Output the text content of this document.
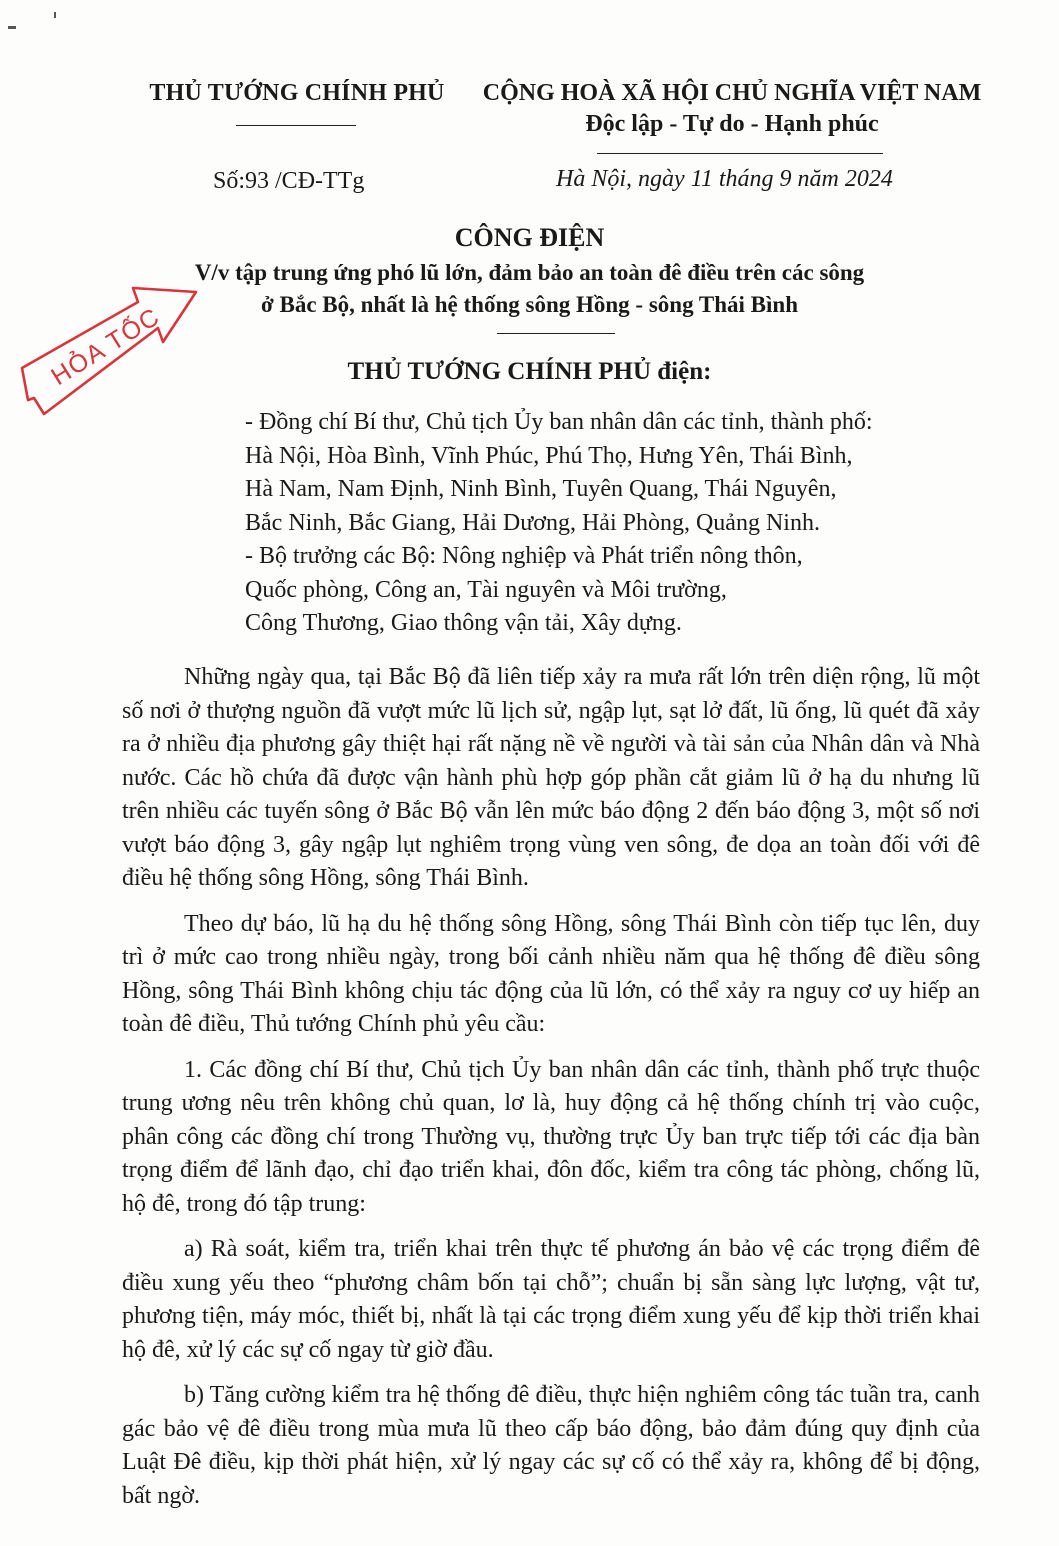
THỦ TƯỚNG CHÍNH PHỦ	CỘNG HOÀ XÃ HỘI CHỦ NGHĨA VIỆT NAM
Độc lập - Tự do - Hạnh phúc
Số:93 /CĐ-TTg	Hà Nội, ngày 11 tháng 9 năm 2024
CÔNG ĐIỆN
V/v tập trung ứng phó lũ lớn, đảm bảo an toàn đê điều trên các sông
ở Bắc Bộ, nhất là hệ thống sông Hồng - sông Thái Bình
THỦ TƯỚNG CHÍNH PHỦ điện:
HỎA TỐC
- Đồng chí Bí thư, Chủ tịch Ủy ban nhân dân các tỉnh, thành phố:
Hà Nội, Hòa Bình, Vĩnh Phúc, Phú Thọ, Hưng Yên, Thái Bình,
Hà Nam, Nam Định, Ninh Bình, Tuyên Quang, Thái Nguyên,
Bắc Ninh, Bắc Giang, Hải Dương, Hải Phòng, Quảng Ninh.
- Bộ trưởng các Bộ: Nông nghiệp và Phát triển nông thôn,
Quốc phòng, Công an, Tài nguyên và Môi trường,
Công Thương, Giao thông vận tải, Xây dựng.

Những ngày qua, tại Bắc Bộ đã liên tiếp xảy ra mưa rất lớn trên diện rộng, lũ một số nơi ở thượng nguồn đã vượt mức lũ lịch sử, ngập lụt, sạt lở đất, lũ ống, lũ quét đã xảy ra ở nhiều địa phương gây thiệt hại rất nặng nề về người và tài sản của Nhân dân và Nhà nước. Các hồ chứa đã được vận hành phù hợp góp phần cắt giảm lũ ở hạ du nhưng lũ trên nhiều các tuyến sông ở Bắc Bộ vẫn lên mức báo động 2 đến báo động 3, một số nơi vượt báo động 3, gây ngập lụt nghiêm trọng vùng ven sông, đe dọa an toàn đối với đê điều hệ thống sông Hồng, sông Thái Bình.

Theo dự báo, lũ hạ du hệ thống sông Hồng, sông Thái Bình còn tiếp tục lên, duy trì ở mức cao trong nhiều ngày, trong bối cảnh nhiều năm qua hệ thống đê điều sông Hồng, sông Thái Bình không chịu tác động của lũ lớn, có thể xảy ra nguy cơ uy hiếp an toàn đê điều, Thủ tướng Chính phủ yêu cầu:

1. Các đồng chí Bí thư, Chủ tịch Ủy ban nhân dân các tỉnh, thành phố trực thuộc trung ương nêu trên không chủ quan, lơ là, huy động cả hệ thống chính trị vào cuộc, phân công các đồng chí trong Thường vụ, thường trực Ủy ban trực tiếp tới các địa bàn trọng điểm để lãnh đạo, chỉ đạo triển khai, đôn đốc, kiểm tra công tác phòng, chống lũ, hộ đê, trong đó tập trung:

a) Rà soát, kiểm tra, triển khai trên thực tế phương án bảo vệ các trọng điểm đê điều xung yếu theo “phương châm bốn tại chỗ”; chuẩn bị sẵn sàng lực lượng, vật tư, phương tiện, máy móc, thiết bị, nhất là tại các trọng điểm xung yếu để kịp thời triển khai hộ đê, xử lý các sự cố ngay từ giờ đầu.

b) Tăng cường kiểm tra hệ thống đê điều, thực hiện nghiêm công tác tuần tra, canh gác bảo vệ đê điều trong mùa mưa lũ theo cấp báo động, bảo đảm đúng quy định của Luật Đê điều, kịp thời phát hiện, xử lý ngay các sự cố có thể xảy ra, không để bị động, bất ngờ.
